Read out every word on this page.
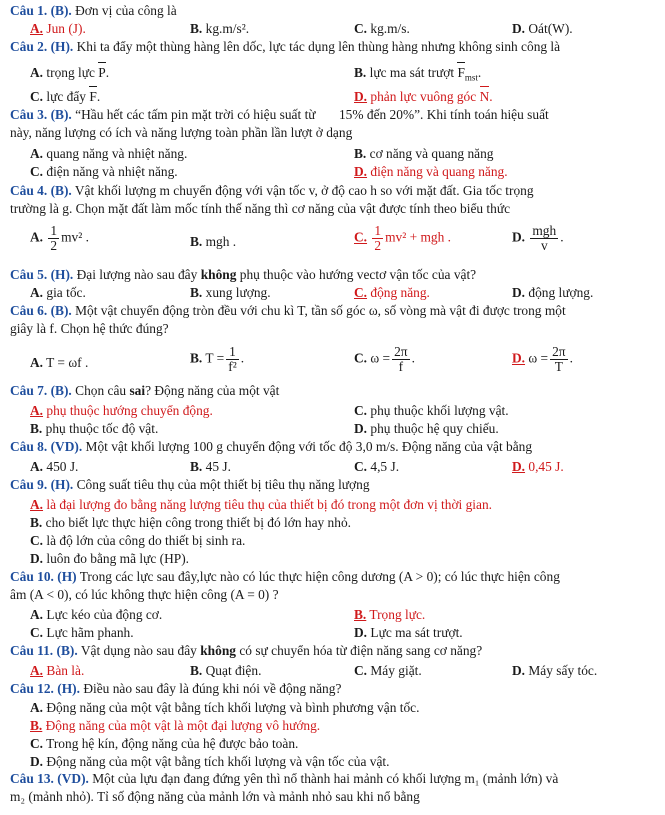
Câu 1. (B). Đơn vị của công là
A. Jun (J).	B. kg.m/s².	C. kg.m/s.	D. Oát(W).
Câu 2. (H). Khi ta đẩy một thùng hàng lên dốc, lực tác dụng lên thùng hàng nhưng không sinh công là
A. trọng lực P.	B. lực ma sát trượt $F_{mst}$.
C. lực đẩy F.	D. phản lực vuông góc N.
Câu 3. (B). “Hầu hết các tấm pin mặt trời có hiệu suất từ       15% đến 20%”. Khi tính toán hiệu suất
này, năng lượng có ích và năng lượng toàn phần lần lượt ở dạng
A. quang năng và nhiệt năng.	B. cơ năng và quang năng
C. điện năng và nhiệt năng.	D. điện năng và quang năng.
Câu 4. (B). Vật khối lượng m chuyển động với vận tốc v, ở độ cao h so với mặt đất. Gia tốc trọng
trường là g. Chọn mặt đất làm mốc tính thế năng thì cơ năng của vật được tính theo biểu thức
A. $\frac{1}{2} mv^2$ .	B. mgh .	C. $\frac{1}{2} mv^2$ + mgh .	D. $\frac{\text{mgh}}{v}$ .
Câu 5. (H). Đại lượng nào sau đây không phụ thuộc vào hướng vectơ vận tốc của vật?
A. gia tốc.	B. xung lượng.	C. động năng.	D. động lượng.
Câu 6. (B). Một vật chuyển động tròn đều với chu kì T, tần số góc ω, số vòng mà vật đi được trong một
giây là f. Chọn hệ thức đúng?
A. T = ωf .	B. $T = \frac{1}{\text{f²}}$ .	C. $\omega = \frac{2\pi}{f}$ .	D. $\omega = \frac{2\pi}{T}$ .
Câu 7. (B). Chọn câu sai? Động năng của một vật
A. phụ thuộc hướng chuyển động.	C. phụ thuộc khối lượng vật.
B. phụ thuộc tốc độ vật.	D. phụ thuộc hệ quy chiếu.
Câu 8. (VD). Một vật khối lượng 100 g chuyển động với tốc độ 3,0 m/s. Động năng của vật bằng
A. 450 J.	B. 45 J.	C. 4,5 J.	D. 0,45 J.
Câu 9. (H). Công suất tiêu thụ của một thiết bị tiêu thụ năng lượng
A. là đại lượng đo bằng năng lượng tiêu thụ của thiết bị đó trong một đơn vị thời gian.
B. cho biết lực thực hiện công trong thiết bị đó lớn hay nhỏ.
C. là độ lớn của công do thiết bị sinh ra.
D. luôn đo bằng mã lực (HP).
Câu 10. (H) Trong các lực sau đây,lực nào có lúc thực hiện công dương (A > 0); có lúc thực hiện công
âm (A < 0), có lúc không thực hiện công (A = 0) ?
A. Lực kéo của động cơ.	B. Trọng lực.
C. Lực hãm phanh.	D. Lực ma sát trượt.
Câu 11. (B). Vật dụng nào sau đây không có sự chuyển hóa từ điện năng sang cơ năng?
A. Bàn là.	B. Quạt điện.	C. Máy giặt.	D. Máy sấy tóc.
Câu 12. (H). Điều nào sau đây là đúng khi nói về động năng?
A. Động năng của một vật bằng tích khối lượng và bình phương vận tốc.
B. Động năng của một vật là một đại lượng vô hướng.
C. Trong hệ kín, động năng của hệ được bảo toàn.
D. Động năng của một vật bằng tích khối lượng và vận tốc của vật.
Câu 13. (VD). Một của lựu đạn đang đứng yên thì nổ thành hai mảnh có khối lượng m₁ (mảnh lớn) và
m₂ (mảnh nhỏ). Tỉ số động năng của mảnh lớn và mảnh nhỏ sau khi nổ bằng
